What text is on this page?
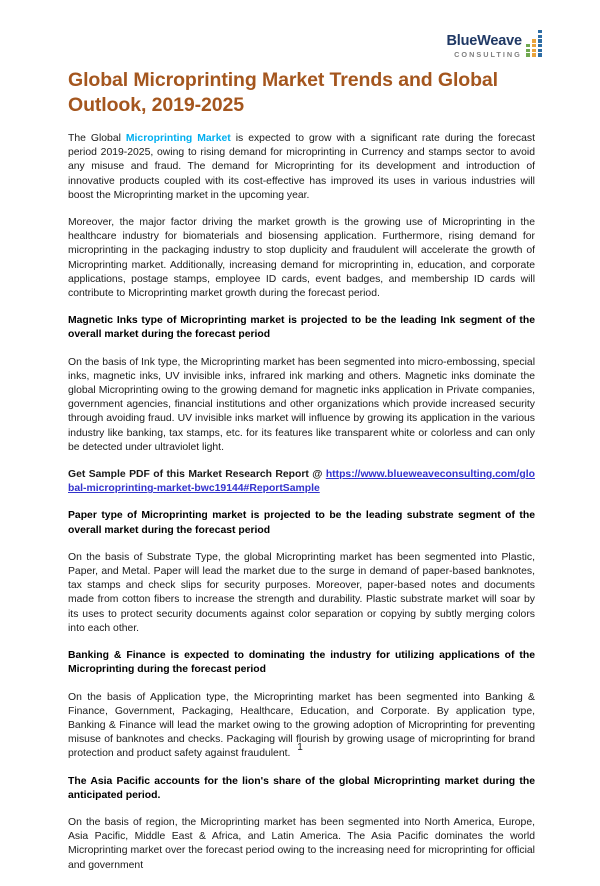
BlueWeave
CONSULTING
Global Microprinting Market Trends and Global Outlook, 2019-2025

The Global Microprinting Market is expected to grow with a significant rate during the forecast period 2019-2025, owing to rising demand for microprinting in Currency and stamps sector to avoid any misuse and fraud. The demand for Microprinting for its development and introduction of innovative products coupled with its cost-effective has improved its uses in various industries will boost the Microprinting market in the upcoming year.

Moreover, the major factor driving the market growth is the growing use of Microprinting in the healthcare industry for biomaterials and biosensing application. Furthermore, rising demand for microprinting in the packaging industry to stop duplicity and fraudulent will accelerate the growth of Microprinting market. Additionally, increasing demand for microprinting in, education, and corporate applications, postage stamps, employee ID cards, event badges, and membership ID cards will contribute to Microprinting market growth during the forecast period.

Magnetic Inks type of Microprinting market is projected to be the leading Ink segment of the overall market during the forecast period

On the basis of Ink type, the Microprinting market has been segmented into micro-embossing, special inks, magnetic inks, UV invisible inks, infrared ink marking and others. Magnetic inks dominate the global Microprinting owing to the growing demand for magnetic inks application in Private companies, government agencies, financial institutions and other organizations which provide increased security through avoiding fraud. UV invisible inks market will influence by growing its application in the various industry like banking, tax stamps, etc. for its features like transparent white or colorless and can only be detected under ultraviolet light.

Get Sample PDF of this Market Research Report @ https://www.blueweaveconsulting.com/global-microprinting-market-bwc19144#ReportSample

Paper type of Microprinting market is projected to be the leading substrate segment of the overall market during the forecast period

On the basis of Substrate Type, the global Microprinting market has been segmented into Plastic, Paper, and Metal. Paper will lead the market due to the surge in demand of paper-based banknotes, tax stamps and check slips for security purposes. Moreover, paper-based notes and documents made from cotton fibers to increase the strength and durability. Plastic substrate market will soar by its uses to protect security documents against color separation or copying by subtly merging colors into each other.

Banking & Finance is expected to dominating the industry for utilizing applications of the Microprinting during the forecast period

On the basis of Application type, the Microprinting market has been segmented into Banking & Finance, Government, Packaging, Healthcare, Education, and Corporate. By application type, Banking & Finance will lead the market owing to the growing adoption of Microprinting for preventing misuse of banknotes and checks. Packaging will flourish by growing usage of microprinting for brand protection and product safety against fraudulent.

The Asia Pacific accounts for the lion's share of the global Microprinting market during the anticipated period.

On the basis of region, the Microprinting market has been segmented into North America, Europe, Asia Pacific, Middle East & Africa, and Latin America. The Asia Pacific dominates the world Microprinting market over the forecast period owing to the increasing need for microprinting for official and government

1
